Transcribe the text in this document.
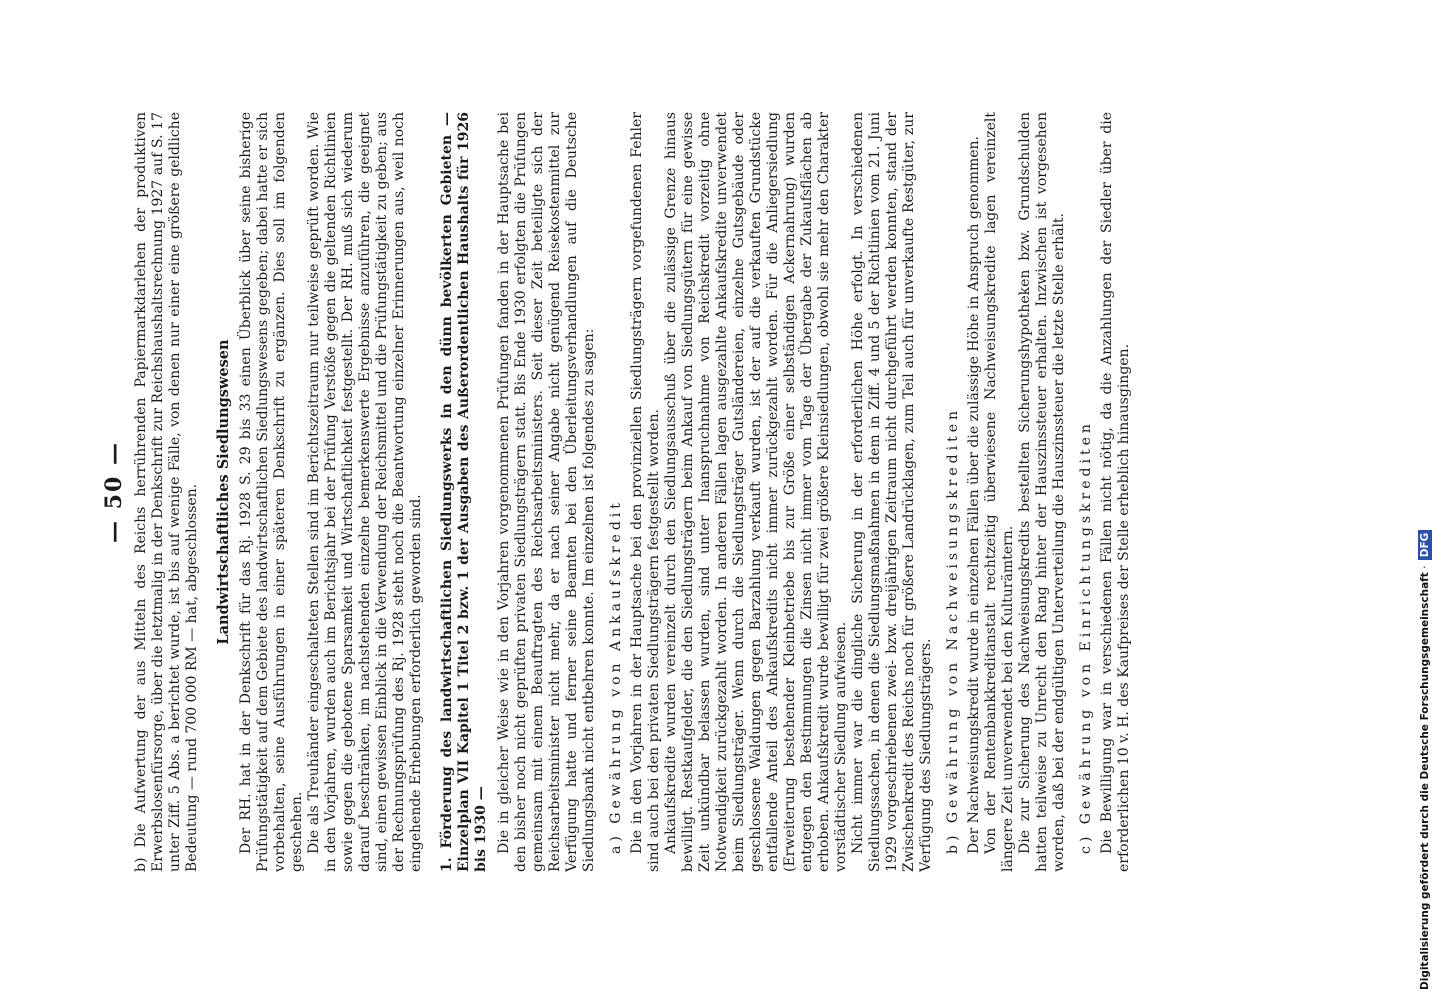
— 50 — b) Die Aufwertung der aus Mitteln des Reichs herrührenden Papiermarkdarlehen der produktiven Erwerbslosenfürsorge, über die letztmalig in der Denkschrift zur Reichshaushaltsrechnung 1927 auf S. 17 unter Ziff. 5 Abs. a berichtet wurde, ist bis auf wenige Fälle, von denen nur einer eine größere geldliche Bedeutung — rund 700 000 RM — hat, abgeschlossen. Landwirtschaftliches Siedlungswesen Der RH. hat in der Denkschrift für das Rj. 1928 S. 29 bis 33 einen Überblick über seine bisherige Prüfungstätigkeit auf dem Gebiete des landwirtschaftlichen Siedlungswesens gegeben; dabei hatte er sich vorbehalten, seine Ausführungen in einer späteren Denkschrift zu ergänzen. Dies soll im folgenden geschehen. Die als Treuhänder eingeschalteten Stellen sind im Berichtszeitraum nur teilweise geprüft worden. Wie in den Vorjahren, wurden auch im Berichtsjahr bei der Prüfung Verstöße gegen die geltenden Richtlinien sowie gegen die gebotene Sparsamkeit und Wirtschaftlichkeit festgestellt. Der RH. muß sich wiederum darauf beschränken, im nachstehenden einzelne bemerkenswerte Ergebnisse anzuführen, die geeignet sind, einen gewissen Einblick in die Verwendung der Reichsmittel und die Prüfungstätigkeit zu geben; aus der Rechnungsprüfung des Rj. 1928 steht noch die Beantwortung einzelner Erinnerungen aus, weil noch eingehende Erhebungen erforderlich geworden sind. 1. Förderung des landwirtschaftlichen Siedlungswerks in den dünn bevölkerten Gebieten — Einzelplan VII Kapitel 1 Titel 2 bzw. 1 der Ausgaben des Außerordentlichen Haushalts für 1926 bis 1930 — Die in gleicher Weise wie in den Vorjahren vorgenommenen Prüfungen fanden in der Hauptsache bei den bisher noch nicht geprüften privaten Siedlungsträgern statt. Bis Ende 1930 erfolgten die Prüfungen gemeinsam mit einem Beauftragten des Reichsarbeitsministers. Seit dieser Zeit beteiligte sich der Reichsarbeitsminister nicht mehr, da er nach seiner Angabe nicht genügend Reisekostenmittel zur Verfügung hatte und ferner seine Beamten bei den Überleitungsverhandlungen auf die Deutsche Siedlungsbank nicht entbehren konnte. Im einzelnen ist folgendes zu sagen: a) Gewährung von Ankaufskredit Die in den Vorjahren in der Hauptsache bei den provinziellen Siedlungsträgern vorgefundenen Fehler sind auch bei den privaten Siedlungsträgern festgestellt worden. Ankaufskredite wurden vereinzelt durch den Siedlungsausschuß über die zulässige Grenze hinaus bewilligt. Restkaufgelder, die den Siedlungsträgern beim Ankauf von Siedlungsgütern für eine gewisse Zeit unkündbar belassen wurden, sind unter Inanspruchnahme von Reichskredit vorzeitig ohne Notwendigkeit zurückgezahlt worden. In anderen Fällen lagen ausgezahlte Ankaufskredite unverwendet beim Siedlungsträger. Wenn durch die Siedlungsträger Gutsländereien, einzelne Gutsgebäude oder geschlossene Waldungen gegen Barzahlung verkauft wurden, ist der auf die verkauften Grundstücke entfallende Anteil des Ankaufskredits nicht immer zurückgezahlt worden. Für die Anliegersiedlung (Erweiterung bestehender Kleinbetriebe bis zur Größe einer selbständigen Ackernahrung) wurden entgegen den Bestimmungen die Zinsen nicht immer vom Tage der Übergabe der Zukaufsflächen ab erhoben. Ankaufskredit wurde bewilligt für zwei größere Kleinsiedlungen, obwohl sie mehr den Charakter vorstädtischer Siedlung aufwiesen. Nicht immer war die dingliche Sicherung in der erforderlichen Höhe erfolgt. In verschiedenen Siedlungssachen, in denen die Siedlungsmaßnahmen in dem in Ziff. 4 und 5 der Richtlinien vom 21. Juni 1929 vorgeschriebenen zwei- bzw. dreijährigen Zeitraum nicht durchgeführt werden konnten, stand der Zwischenkredit des Reichs noch für größere Landrücklagen, zum Teil auch für unverkaufte Restgüter, zur Verfügung des Siedlungsträgers. b) Gewährung von Nachweisungskrediten Der Nachweisungskredit wurde in einzelnen Fällen über die zulässige Höhe in Anspruch genommen. Von der Rentenbankkreditanstalt rechtzeitig überwiesene Nachweisungskredite lagen vereinzelt längere Zeit unverwendet bei den Kulturämtern. Die zur Sicherung des Nachweisungskredits bestellten Sicherungshypotheken bzw. Grundschulden hatten teilweise zu Unrecht den Rang hinter der Hauszinssteuer erhalten. Inzwischen ist vorgesehen worden, daß bei der endgültigen Unterverteilung die Hauszinssteuer die letzte Stelle erhält. c) Gewährung von Einrichtungskrediten Die Bewilligung war in verschiedenen Fällen nicht nötig, da die Anzahlungen der Siedler über die erforderlichen 10 v. H. des Kaufpreises der Stelle erheblich hinausgingen.	Digitalisierung gefördert durch die Deutsche Forschungsgemeinschaft · DFG
